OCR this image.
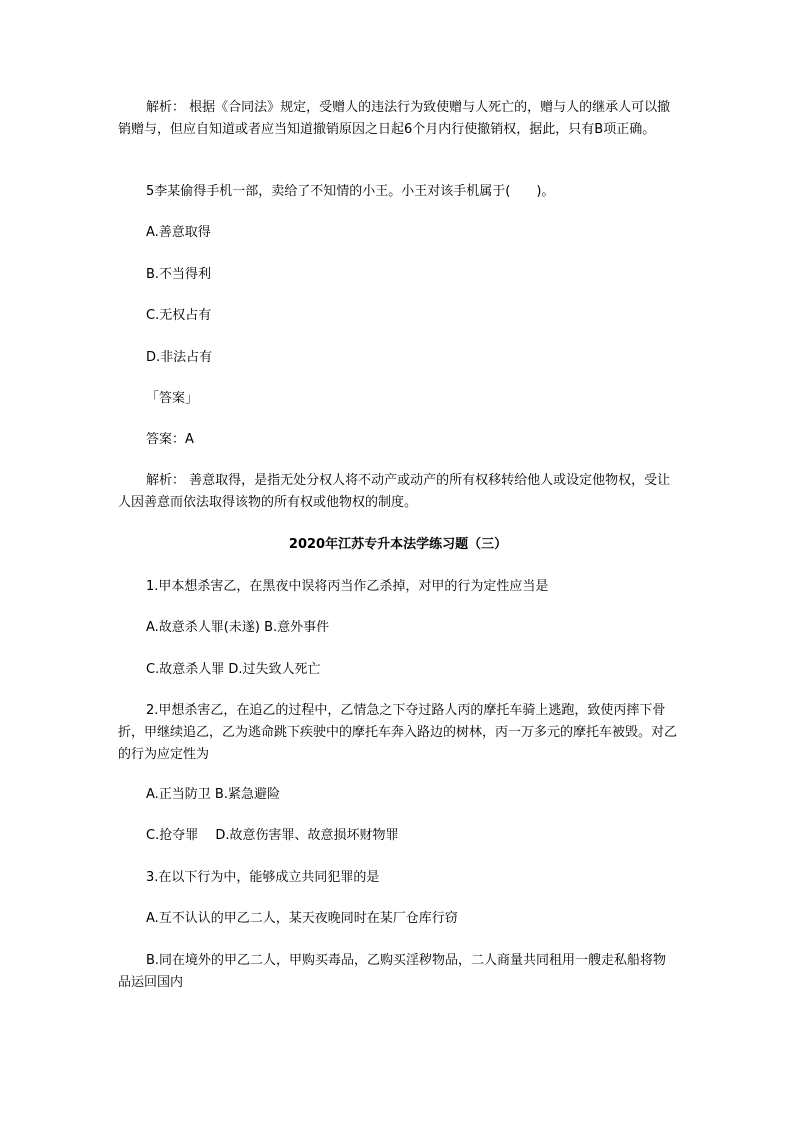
解析： 根据《合同法》规定，受赠人的违法行为致使赠与人死亡的，赠与人的继承人可以撤销赠与，但应自知道或者应当知道撤销原因之日起6个月内行使撤销权，据此，只有B项正确。

5李某偷得手机一部，卖给了不知情的小王。小王对该手机属于(　　)。

A.善意取得

B.不当得利

C.无权占有

D.非法占有

「答案」

答案：A

解析： 善意取得，是指无处分权人将不动产或动产的所有权移转给他人或设定他物权，受让人因善意而依法取得该物的所有权或他物权的制度。

2020年江苏专升本法学练习题（三）

1.甲本想杀害乙，在黑夜中误将丙当作乙杀掉，对甲的行为定性应当是

A.故意杀人罪(未遂) B.意外事件

C.故意杀人罪 D.过失致人死亡

2.甲想杀害乙，在追乙的过程中，乙情急之下夺过路人丙的摩托车骑上逃跑，致使丙摔下骨折，甲继续追乙，乙为逃命跳下疾驶中的摩托车奔入路边的树林，丙一万多元的摩托车被毁。对乙的行为应定性为

A.正当防卫 B.紧急避险

C.抢夺罪　 D.故意伤害罪、故意损坏财物罪

3.在以下行为中，能够成立共同犯罪的是

A.互不认认的甲乙二人，某天夜晚同时在某厂仓库行窃

B.同在境外的甲乙二人，甲购买毒品，乙购买淫秽物品，二人商量共同租用一艘走私船将物品运回国内
